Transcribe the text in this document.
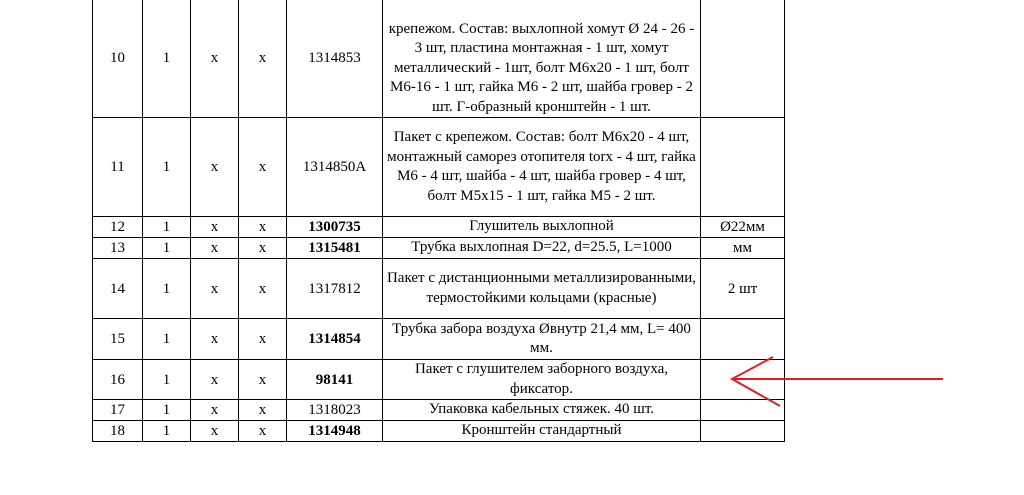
10	1	x	x	1314853	крепежом. Состав: выхлопной хомут Ø 24 - 26 - 3 шт, пластина монтажная - 1 шт, хомут металлический - 1шт, болт М6х20 - 1 шт, болт М6-16 - 1 шт, гайка М6 - 2 шт, шайба гровер - 2 шт. Г-образный кронштейн - 1 шт.	
11	1	x	x	1314850А	Пакет с крепежом. Состав: болт М6х20 - 4 шт, монтажный саморез отопителя torx - 4 шт, гайка М6 - 4 шт, шайба - 4 шт, шайба гровер - 4 шт, болт М5х15 - 1 шт, гайка М5 - 2 шт.	
12	1	x	x	1300735	Глушитель выхлопной	Ø22мм
13	1	x	x	1315481	Трубка выхлопная D=22, d=25.5, L=1000	мм
14	1	x	x	1317812	Пакет с дистанционными металлизированными, термостойкими кольцами (красные)	2 шт
15	1	x	x	1314854	Трубка забора воздуха Øвнутр 21,4 мм, L= 400 мм.	
16	1	x	x	98141	Пакет с глушителем заборного воздуха, фиксатор.	
17	1	x	x	1318023	Упаковка кабельных стяжек. 40 шт.	
18	1	x	x	1314948	Кронштейн стандартный	
